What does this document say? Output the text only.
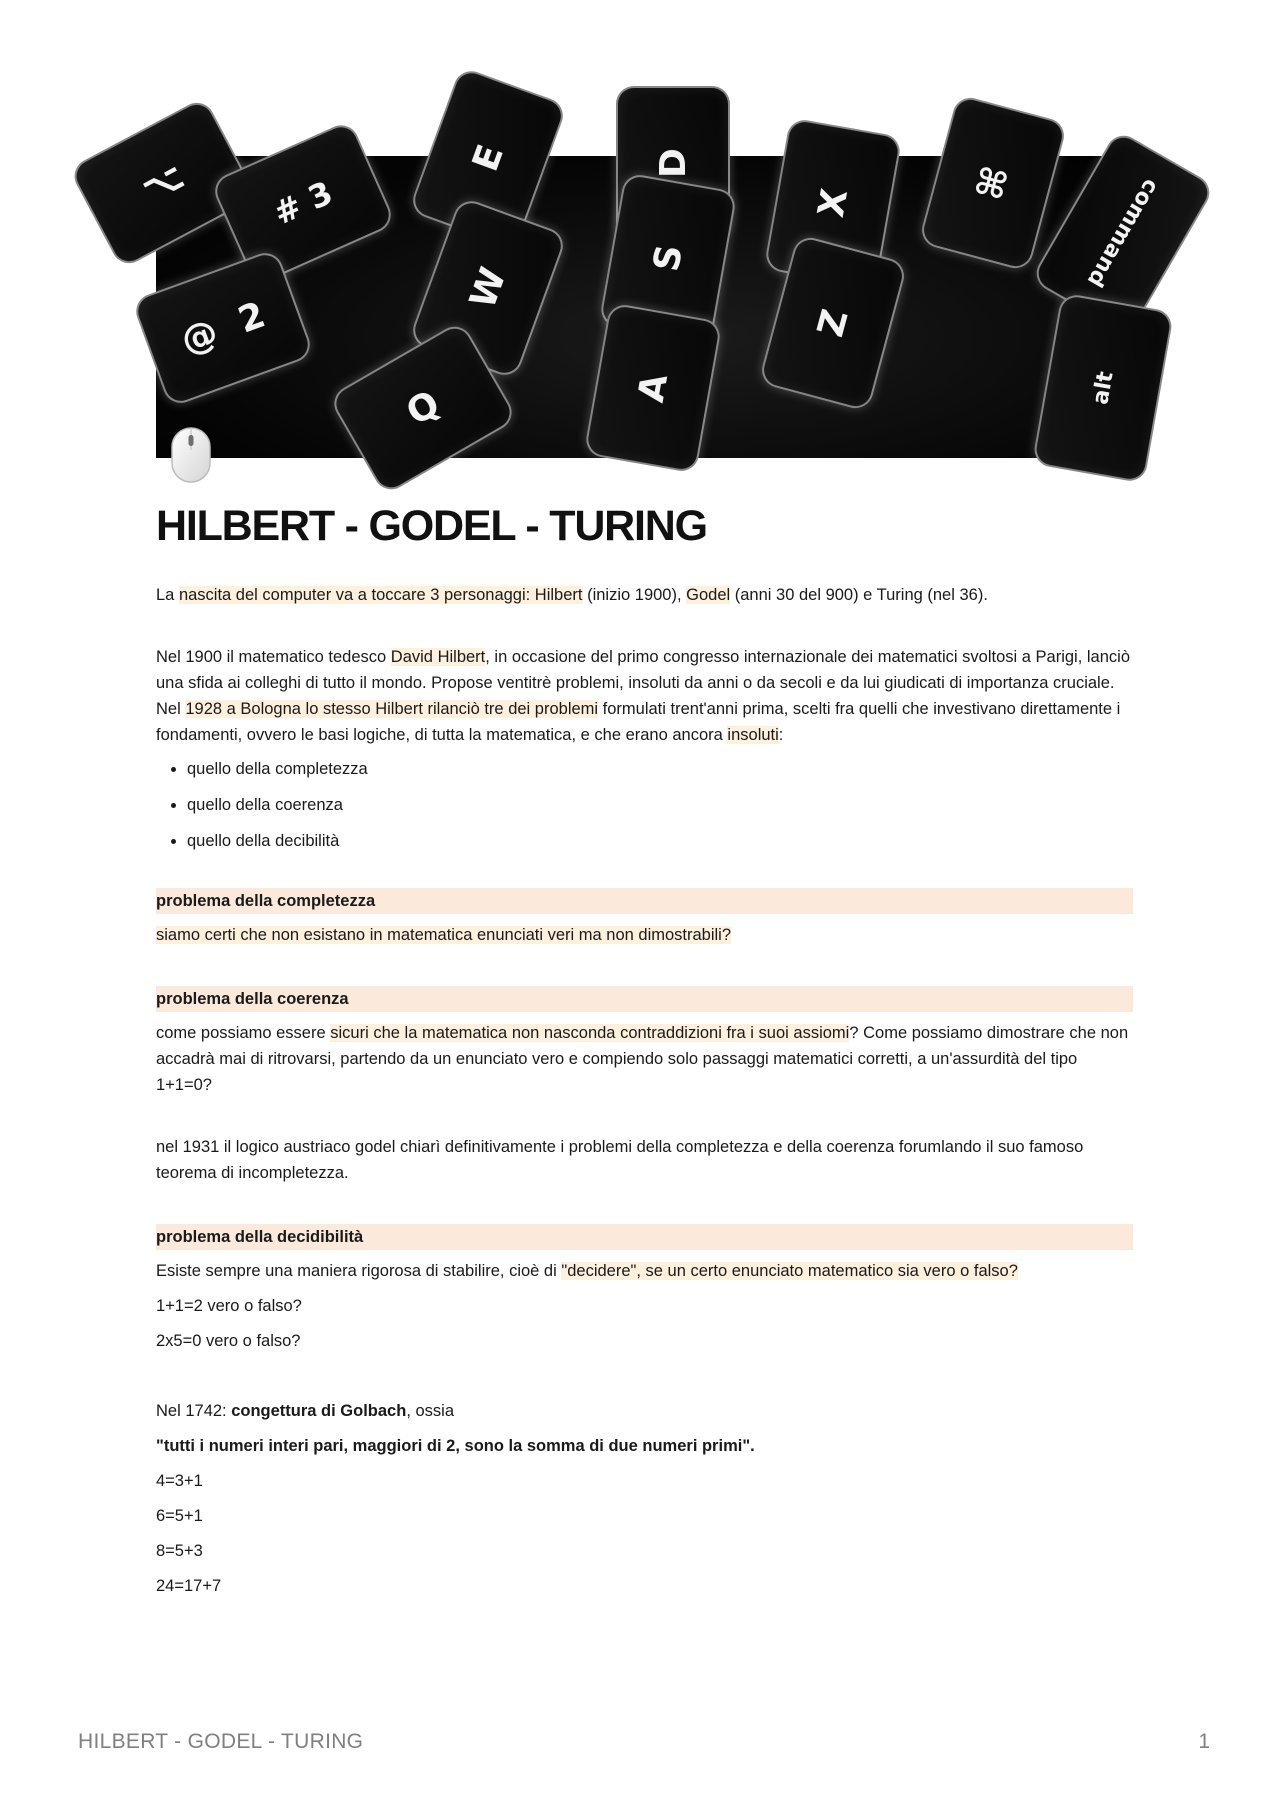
⌥ #

3
E	D
X	⌘	command
W
S
@
2	Z
A
Q	alt
HILBERT - GODEL - TURING

La nascita del computer va a toccare 3 personaggi: Hilbert (inizio 1900), Godel (anni 30 del 900) e Turing (nel 36).

Nel 1900 il matematico tedesco David Hilbert, in occasione del primo congresso internazionale dei matematici svoltosi a Parigi, lanciò una sfida ai colleghi di tutto il mondo. Propose ventitrè problemi, insoluti da anni o da secoli e da lui giudicati di importanza cruciale. Nel 1928 a Bologna lo stesso Hilbert rilanciò tre dei problemi formulati trent'anni prima, scelti fra quelli che investivano direttamente i fondamenti, ovvero le basi logiche, di tutta la matematica, e che erano ancora insoluti:

• quello della completezza
• quello della coerenza
• quello della decibilità
problema della completezza

siamo certi che non esistano in matematica enunciati veri ma non dimostrabili?

problema della coerenza

come possiamo essere sicuri che la matematica non nasconda contraddizioni fra i suoi assiomi? Come possiamo dimostrare che non accadrà mai di ritrovarsi, partendo da un enunciato vero e compiendo solo passaggi matematici corretti, a un'assurdità del tipo 1+1=0?

nel 1931 il logico austriaco godel chiarì definitivamente i problemi della completezza e della coerenza forumlando il suo famoso teorema di incompletezza.

problema della decidibilità

Esiste sempre una maniera rigorosa di stabilire, cioè di "decidere", se un certo enunciato matematico sia vero o falso?

1+1=2 vero o falso?

2x5=0 vero o falso?

Nel 1742: congettura di Golbach, ossia

"tutti i numeri interi pari, maggiori di 2, sono la somma di due numeri primi".

4=3+1

6=5+1

8=5+3

24=17+7

HILBERT - GODEL - TURING	1
